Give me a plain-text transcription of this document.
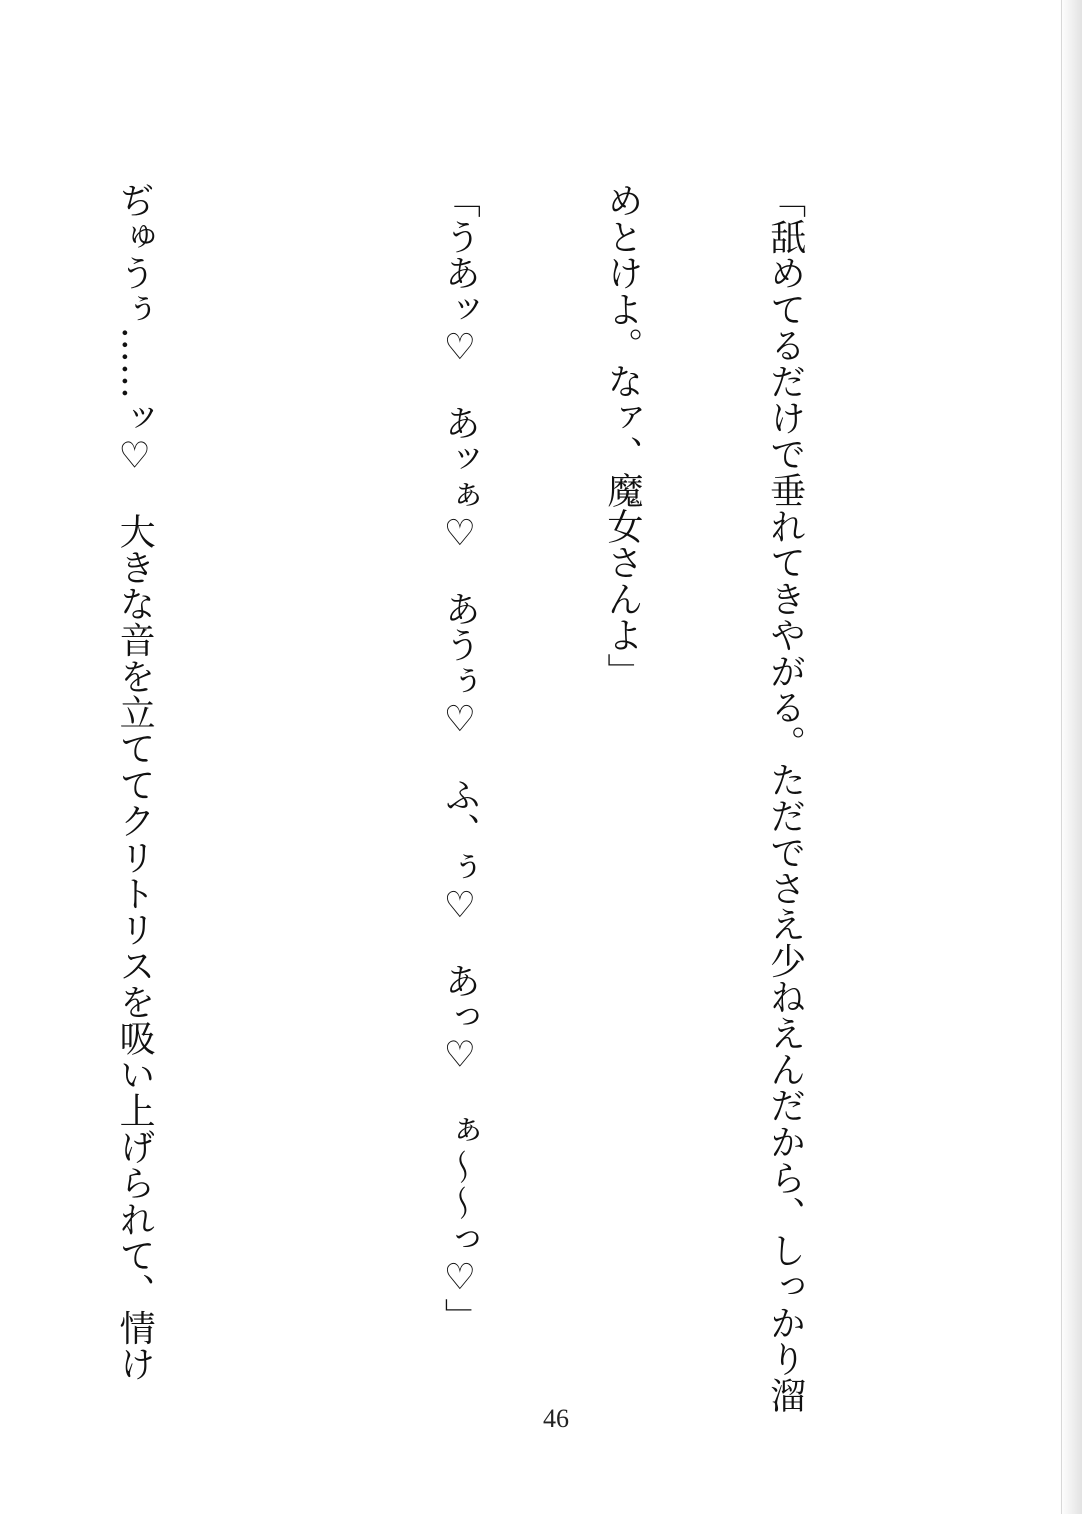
「舐めてるだけで垂れてきやがる。ただでさえ少ねえんだから、しっかり溜

めとけよ。なァ、魔女さんよ」

「うあッ♡　あッぁ♡　あうぅ♡　ふ、ぅ♡　あっ♡　ぁ〜〜っ♡」

ぢゅうぅ……ッ♡　大きな音を立ててクリトリスを吸い上げられて、情け

46
